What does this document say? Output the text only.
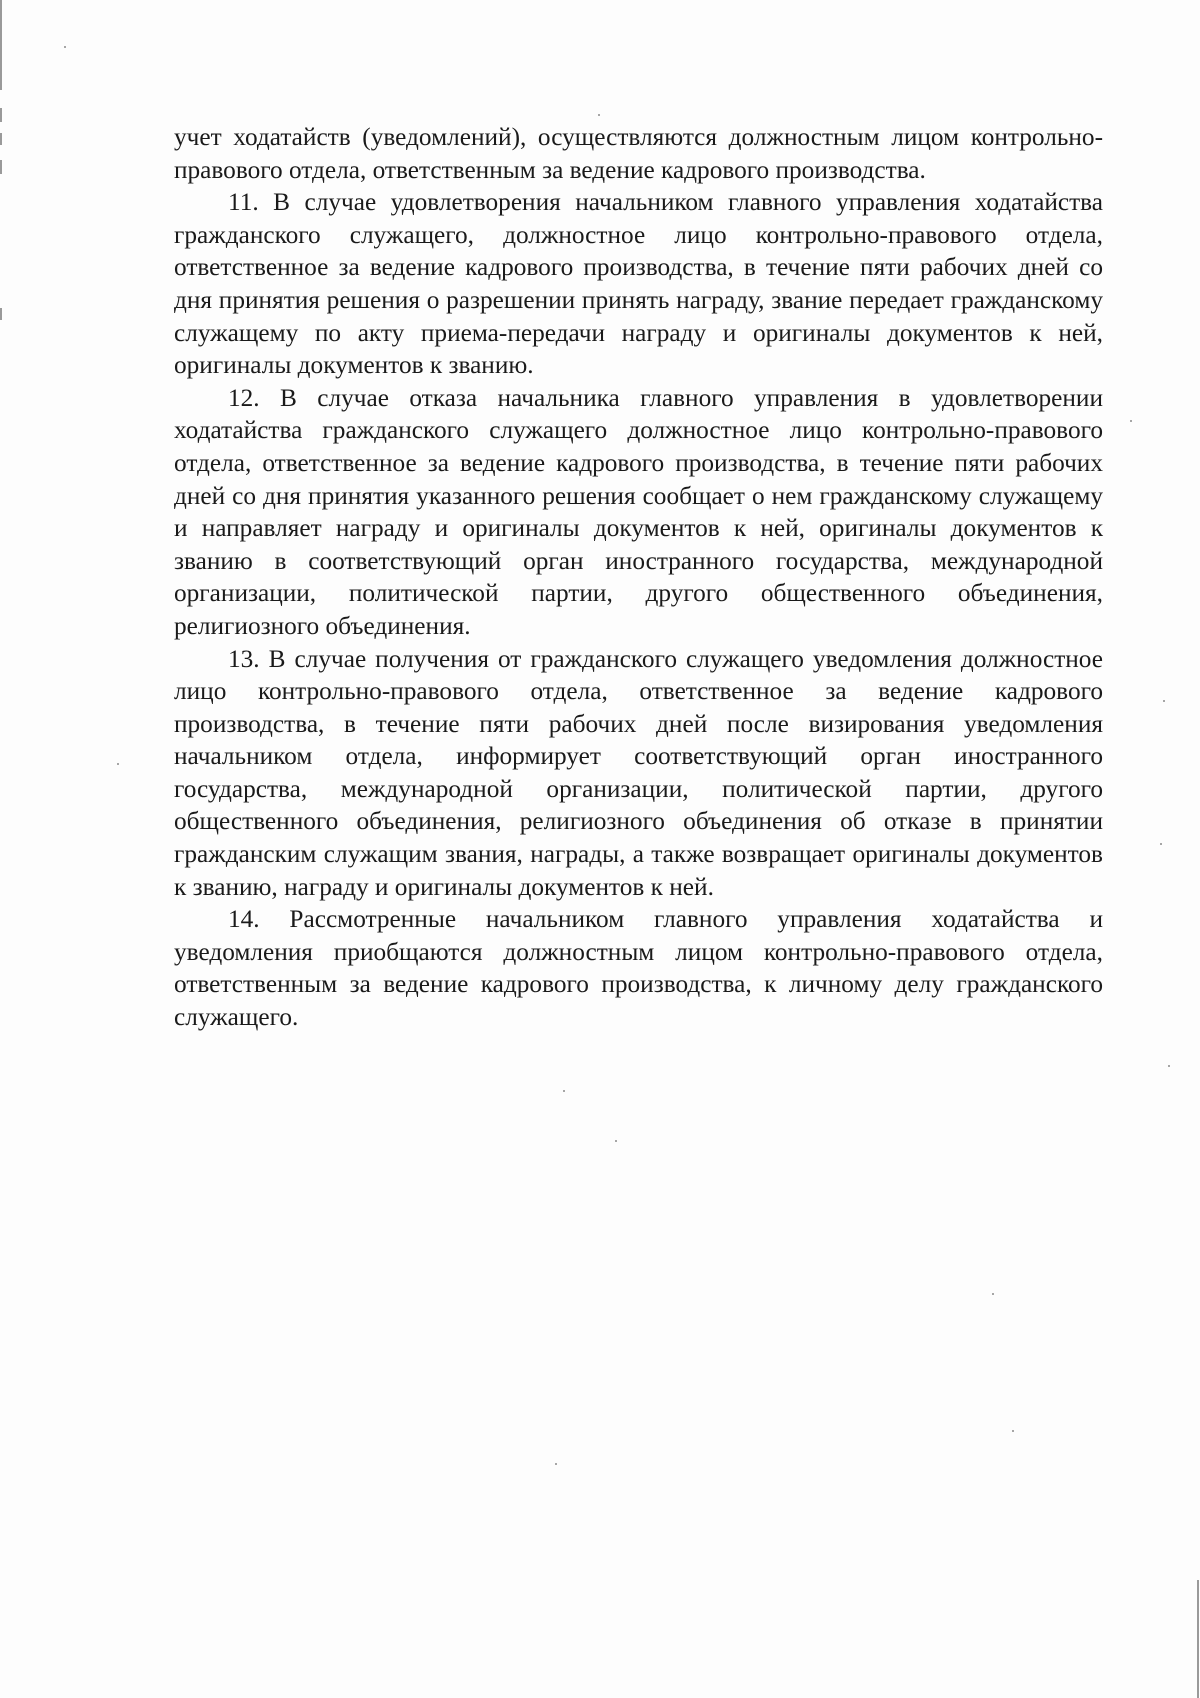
учет ходатайств (уведомлений), осуществляются должностным лицом контрольно-правового отдела, ответственным за ведение кадрового производства.

11. В случае удовлетворения начальником главного управления ходатайства гражданского служащего, должностное лицо контрольно-правового отдела, ответственное за ведение кадрового производства, в течение пяти рабочих дней со дня принятия решения о разрешении принять награду, звание передает гражданскому служащему по акту приема-передачи награду и оригиналы документов к ней, оригиналы документов к званию.

12. В случае отказа начальника главного управления в удовлетворении ходатайства гражданского служащего должностное лицо контрольно-правового отдела, ответственное за ведение кадрового производства, в течение пяти рабочих дней со дня принятия указанного решения сообщает о нем гражданскому служащему и направляет награду и оригиналы документов к ней, оригиналы документов к званию в соответствующий орган иностранного государства, международной организации, политической партии, другого общественного объединения, религиозного объединения.

13. В случае получения от гражданского служащего уведомления должностное лицо контрольно-правового отдела, ответственное за ведение кадрового производства, в течение пяти рабочих дней после визирования уведомления начальником отдела, информирует соответствующий орган иностранного государства, международной организации, политической партии, другого общественного объединения, религиозного объединения об отказе в принятии гражданским служащим звания, награды, а также возвращает оригиналы документов к званию, награду и оригиналы документов к ней.

14. Рассмотренные начальником главного управления ходатайства и уведомления приобщаются должностным лицом контрольно-правового отдела, ответственным за ведение кадрового производства, к личному делу гражданского служащего.
